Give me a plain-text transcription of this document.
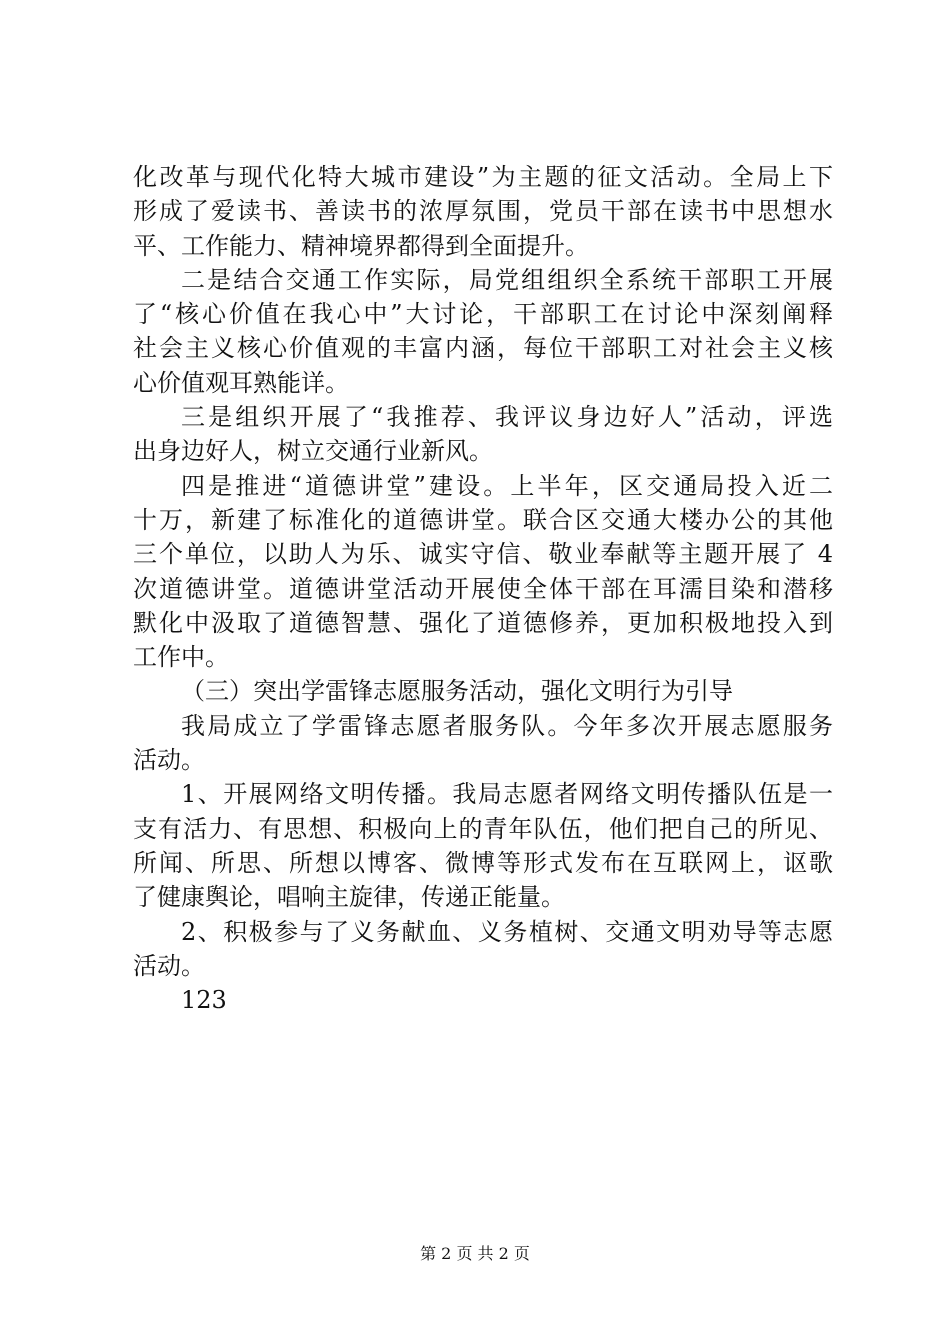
化改革与现代化特大城市建设”为主题的征文活动。全局上下
形成了爱读书、善读书的浓厚氛围，党员干部在读书中思想水
平、工作能力、精神境界都得到全面提升。
二是结合交通工作实际，局党组组织全系统干部职工开展
了“核心价值在我心中”大讨论，干部职工在讨论中深刻阐释
社会主义核心价值观的丰富内涵，每位干部职工对社会主义核
心价值观耳熟能详。
三是组织开展了“我推荐、我评议身边好人”活动，评选
出身边好人，树立交通行业新风。
四是推进“道德讲堂”建设。上半年，区交通局投入近二
十万，新建了标准化的道德讲堂。联合区交通大楼办公的其他
三个单位，以助人为乐、诚实守信、敬业奉献等主题开展了 4
次道德讲堂。道德讲堂活动开展使全体干部在耳濡目染和潜移
默化中汲取了道德智慧、强化了道德修养，更加积极地投入到
工作中。
（三）突出学雷锋志愿服务活动，强化文明行为引导
我局成立了学雷锋志愿者服务队。今年多次开展志愿服务
活动。
1、开展网络文明传播。我局志愿者网络文明传播队伍是一
支有活力、有思想、积极向上的青年队伍，他们把自己的所见、
所闻、所思、所想以博客、微博等形式发布在互联网上，讴歌
了健康舆论，唱响主旋律，传递正能量。
2、积极参与了义务献血、义务植树、交通文明劝导等志愿
活动。
123
第 2 页 共 2 页
